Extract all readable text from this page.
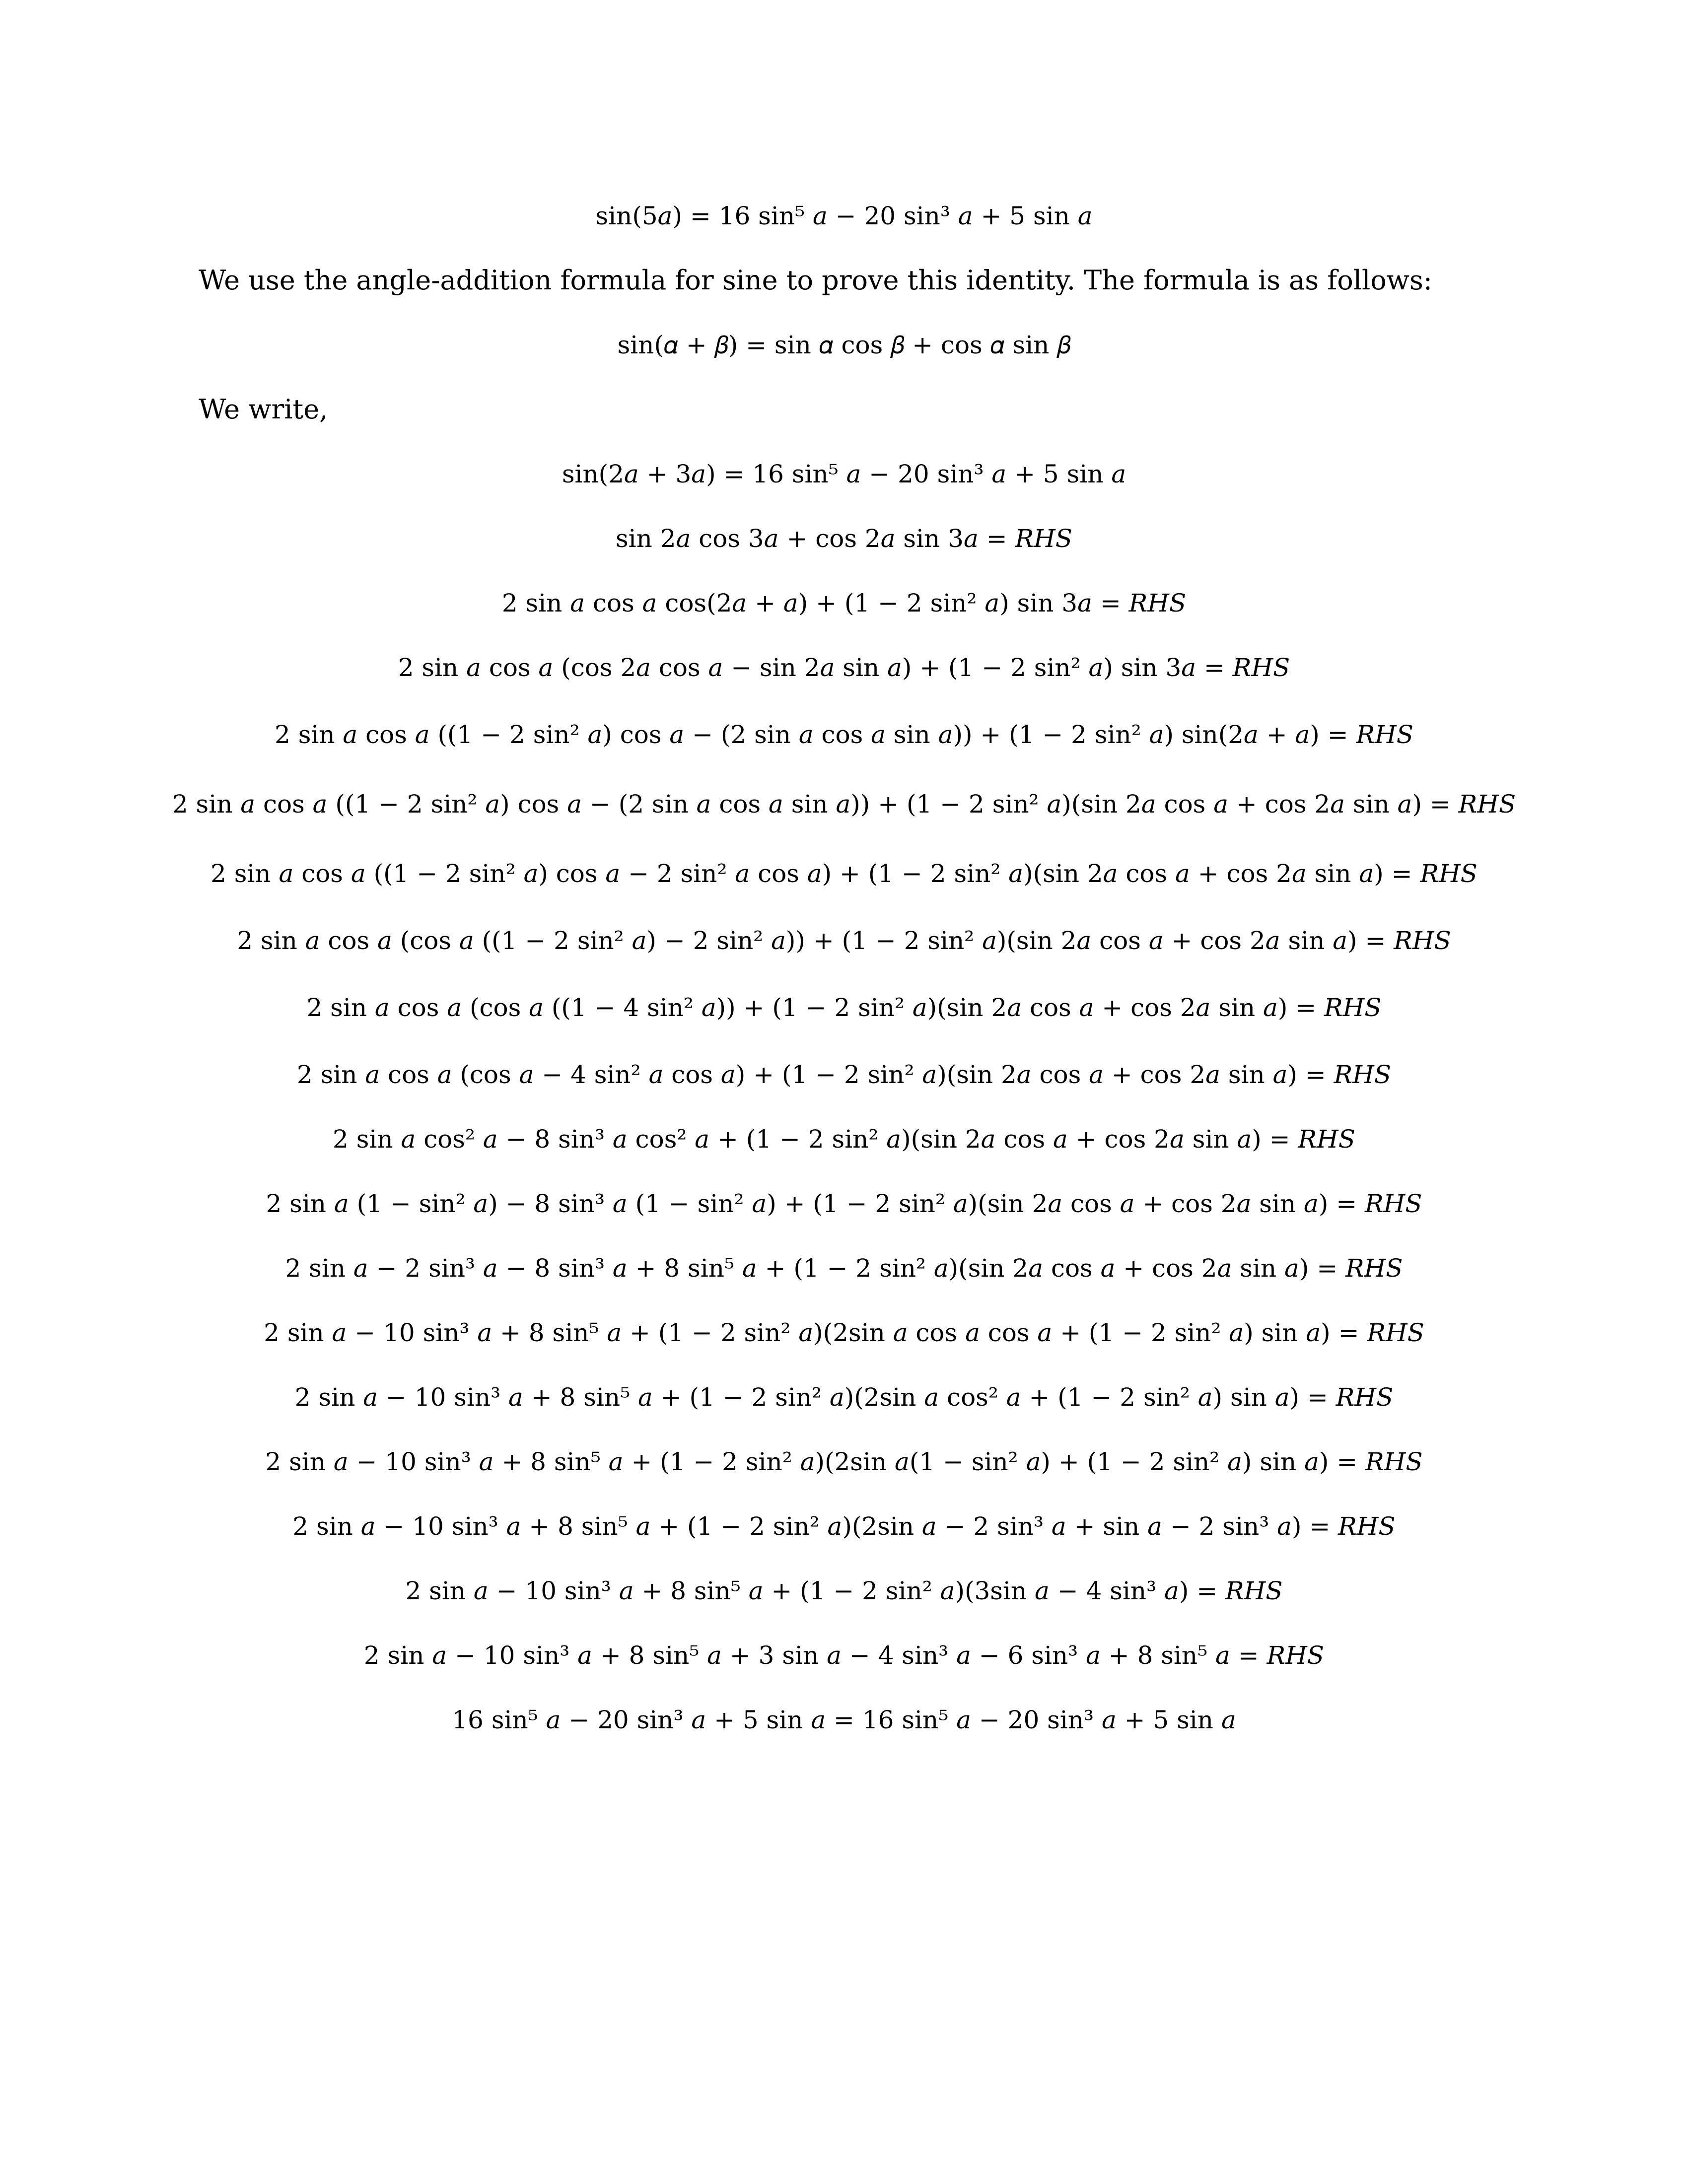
sin(5𝑎) = 16 sin⁵ 𝑎 − 20 sin³ 𝑎 + 5 sin 𝑎
We use the angle-addition formula for sine to prove this identity. The formula is as follows:
sin(𝛼 + 𝛽) = sin 𝛼 cos 𝛽 + cos 𝛼 sin 𝛽
We write,
sin(2𝑎 + 3𝑎) = 16 sin⁵ 𝑎 − 20 sin³ 𝑎 + 5 sin 𝑎
sin 2𝑎 cos 3𝑎 + cos 2𝑎 sin 3𝑎 = 𝑅𝐻𝑆
2 sin 𝑎 cos 𝑎 cos(2𝑎 + 𝑎) + (1 − 2 sin² 𝑎) sin 3𝑎 = 𝑅𝐻𝑆
2 sin 𝑎 cos 𝑎 (cos 2𝑎 cos 𝑎 − sin 2𝑎 sin 𝑎) + (1 − 2 sin² 𝑎) sin 3𝑎 = 𝑅𝐻𝑆
2 sin 𝑎 cos 𝑎 ((1 − 2 sin² 𝑎) cos 𝑎 − (2 sin 𝑎 cos 𝑎 sin 𝑎)) + (1 − 2 sin² 𝑎) sin(2𝑎 + 𝑎) = 𝑅𝐻𝑆
2 sin 𝑎 cos 𝑎 ((1 − 2 sin² 𝑎) cos 𝑎 − (2 sin 𝑎 cos 𝑎 sin 𝑎)) + (1 − 2 sin² 𝑎)(sin 2𝑎 cos 𝑎 + cos 2𝑎 sin 𝑎) = 𝑅𝐻𝑆
2 sin 𝑎 cos 𝑎 ((1 − 2 sin² 𝑎) cos 𝑎 − 2 sin² 𝑎 cos 𝑎) + (1 − 2 sin² 𝑎)(sin 2𝑎 cos 𝑎 + cos 2𝑎 sin 𝑎) = 𝑅𝐻𝑆
2 sin 𝑎 cos 𝑎 (cos 𝑎 ((1 − 2 sin² 𝑎) − 2 sin² 𝑎)) + (1 − 2 sin² 𝑎)(sin 2𝑎 cos 𝑎 + cos 2𝑎 sin 𝑎) = 𝑅𝐻𝑆
2 sin 𝑎 cos 𝑎 (cos 𝑎 ((1 − 4 sin² 𝑎)) + (1 − 2 sin² 𝑎)(sin 2𝑎 cos 𝑎 + cos 2𝑎 sin 𝑎) = 𝑅𝐻𝑆
2 sin 𝑎 cos 𝑎 (cos 𝑎 − 4 sin² 𝑎 cos 𝑎) + (1 − 2 sin² 𝑎)(sin 2𝑎 cos 𝑎 + cos 2𝑎 sin 𝑎) = 𝑅𝐻𝑆
2 sin 𝑎 cos² 𝑎 − 8 sin³ 𝑎 cos² 𝑎 + (1 − 2 sin² 𝑎)(sin 2𝑎 cos 𝑎 + cos 2𝑎 sin 𝑎) = 𝑅𝐻𝑆
2 sin 𝑎 (1 − sin² 𝑎) − 8 sin³ 𝑎 (1 − sin² 𝑎) + (1 − 2 sin² 𝑎)(sin 2𝑎 cos 𝑎 + cos 2𝑎 sin 𝑎) = 𝑅𝐻𝑆
2 sin 𝑎 − 2 sin³ 𝑎 − 8 sin³ 𝑎 + 8 sin⁵ 𝑎 + (1 − 2 sin² 𝑎)(sin 2𝑎 cos 𝑎 + cos 2𝑎 sin 𝑎) = 𝑅𝐻𝑆
2 sin 𝑎 − 10 sin³ 𝑎 + 8 sin⁵ 𝑎 + (1 − 2 sin² 𝑎)(2sin 𝑎 cos 𝑎 cos 𝑎 + (1 − 2 sin² 𝑎) sin 𝑎) = 𝑅𝐻𝑆
2 sin 𝑎 − 10 sin³ 𝑎 + 8 sin⁵ 𝑎 + (1 − 2 sin² 𝑎)(2sin 𝑎 cos² 𝑎 + (1 − 2 sin² 𝑎) sin 𝑎) = 𝑅𝐻𝑆
2 sin 𝑎 − 10 sin³ 𝑎 + 8 sin⁵ 𝑎 + (1 − 2 sin² 𝑎)(2sin 𝑎(1 − sin² 𝑎) + (1 − 2 sin² 𝑎) sin 𝑎) = 𝑅𝐻𝑆
2 sin 𝑎 − 10 sin³ 𝑎 + 8 sin⁵ 𝑎 + (1 − 2 sin² 𝑎)(2sin 𝑎 − 2 sin³ 𝑎 + sin 𝑎 − 2 sin³ 𝑎) = 𝑅𝐻𝑆
2 sin 𝑎 − 10 sin³ 𝑎 + 8 sin⁵ 𝑎 + (1 − 2 sin² 𝑎)(3sin 𝑎 − 4 sin³ 𝑎) = 𝑅𝐻𝑆
2 sin 𝑎 − 10 sin³ 𝑎 + 8 sin⁵ 𝑎 + 3 sin 𝑎 − 4 sin³ 𝑎 − 6 sin³ 𝑎 + 8 sin⁵ 𝑎 = 𝑅𝐻𝑆
16 sin⁵ 𝑎 − 20 sin³ 𝑎 + 5 sin 𝑎 = 16 sin⁵ 𝑎 − 20 sin³ 𝑎 + 5 sin 𝑎
